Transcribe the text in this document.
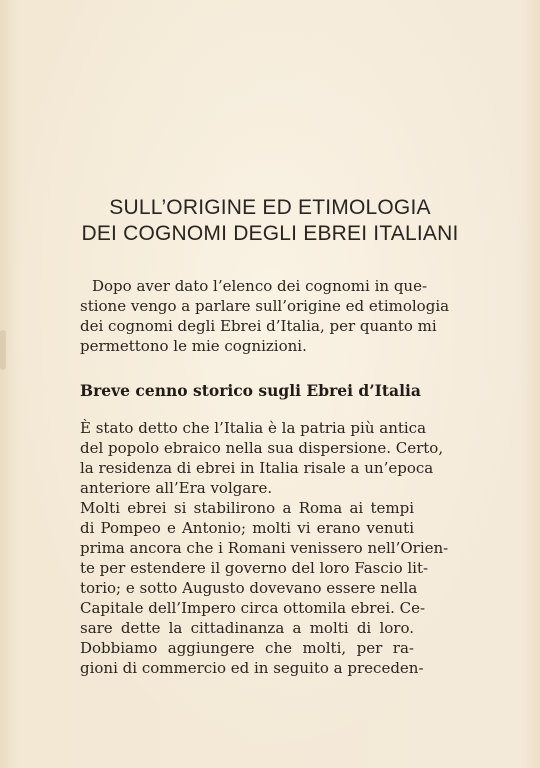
SULL’ORIGINE ED ETIMOLOGIA
DEI COGNOMI DEGLI EBREI ITALIANI
Dopo aver dato l’elenco dei cognomi in que-
stione vengo a parlare sull’origine ed etimologia
dei cognomi degli Ebrei d’Italia, per quanto mi
permettono le mie cognizioni.
Breve cenno storico sugli Ebrei d’Italia
È stato detto che l’Italia è la patria più antica
del popolo ebraico nella sua dispersione. Certo,
la residenza di ebrei in Italia risale a un’epoca
anteriore all’Era volgare.
Molti ebrei si stabilirono a Roma ai tempi
di Pompeo e Antonio; molti vi erano venuti
prima ancora che i Romani venissero nell’Orien-
te per estendere il governo del loro Fascio lit-
torio; e sotto Augusto dovevano essere nella
Capitale dell’Impero circa ottomila ebrei. Ce-
sare dette la cittadinanza a molti di loro.
Dobbiamo aggiungere che molti, per ra-
gioni di commercio ed in seguito a preceden-
